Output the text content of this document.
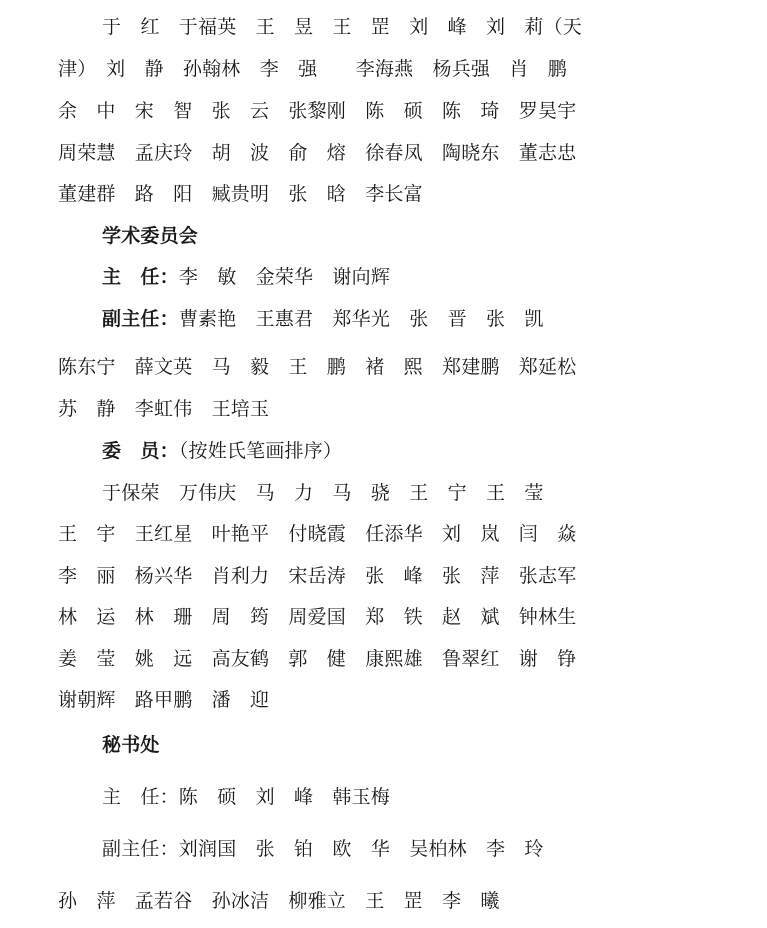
于　红　于福英　王　昱　王　罡　刘　峰　刘　莉（天
津）　刘　静　孙翰林　李　强　　李海燕　杨兵强　肖　鹏
余　中　宋　智　张　云　张黎刚　陈　硕　陈　琦　罗昊宇
周荣慧　孟庆玲　胡　波　俞　熔　徐春凤　陶晓东　董志忠
董建群　路　阳　臧贵明　张　晗　李长富
学术委员会
主　任：李　敏　金荣华　谢向辉
副主任：曹素艳　王惠君　郑华光　张　晋　张　凯
陈东宁　薛文英　马　毅　王　鹏　褚　熙　郑建鹏　郑延松
苏　静　李虹伟　王培玉
委　员：（按姓氏笔画排序）
于保荣　万伟庆　马　力　马　骁　王　宁　王　莹
王　宇　王红星　叶艳平　付晓霞　任添华　刘　岚　闫　焱
李　丽　杨兴华　肖利力　宋岳涛　张　峰　张　萍　张志军
林　运　林　珊　周　筠　周爱国　郑　铁　赵　斌　钟林生
姜　莹　姚　远　高友鹤　郭　健　康熙雄　鲁翠红　谢　铮
谢朝辉　路甲鹏　潘　迎
秘书处
主　任：陈　硕　刘　峰　韩玉梅
副主任：刘润国　张　铂　欧　华　吴柏林　李　玲
孙　萍　孟若谷　孙冰洁　柳雅立　王　罡　李　曦
